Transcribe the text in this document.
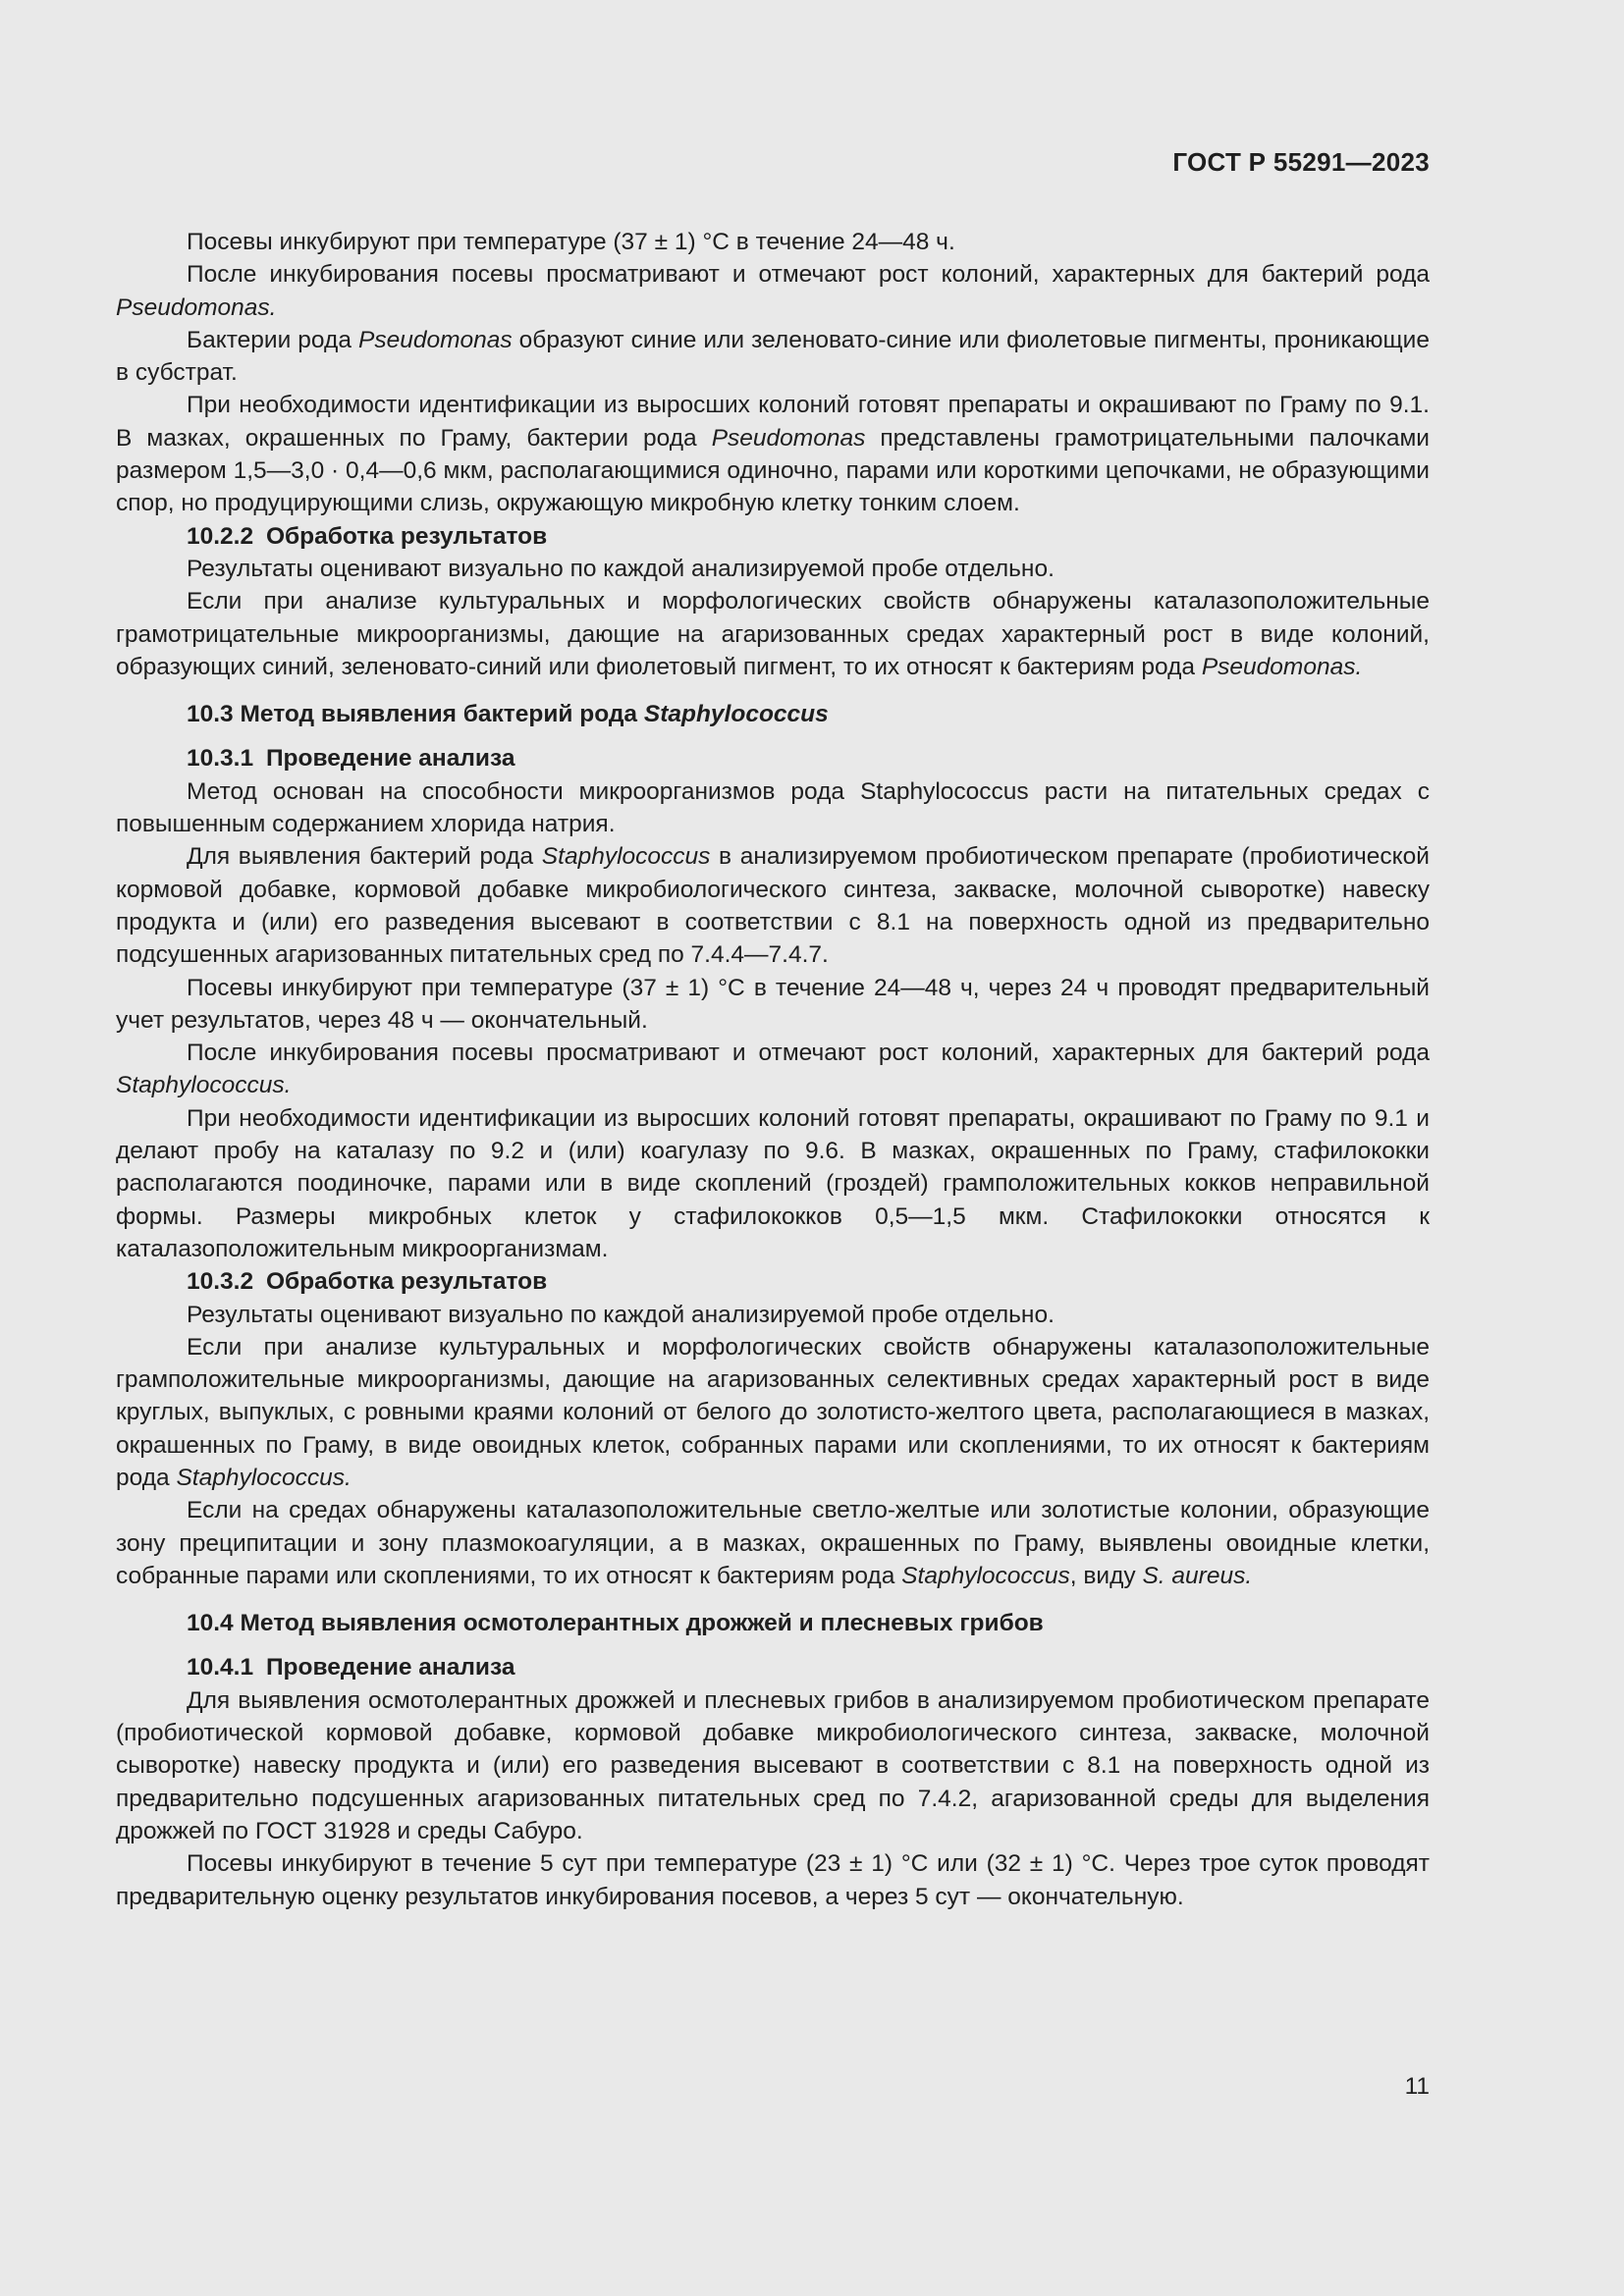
ГОСТ Р 55291—2023

Посевы инкубируют при температуре (37 ± 1) °С в течение 24—48 ч.

После инкубирования посевы просматривают и отмечают рост колоний, характерных для бактерий рода Pseudomonas.

Бактерии рода Pseudomonas образуют синие или зеленовато-синие или фиолетовые пигменты, проникающие в субстрат.

При необходимости идентификации из выросших колоний готовят препараты и окрашивают по Граму по 9.1. В мазках, окрашенных по Граму, бактерии рода Pseudomonas представлены грамотрицательными палочками размером 1,5—3,0 · 0,4—0,6 мкм, располагающимися одиночно, парами или короткими цепочками, не образующими спор, но продуцирующими слизь, окружающую микробную клетку тонким слоем.

10.2.2 Обработка результатов

Результаты оценивают визуально по каждой анализируемой пробе отдельно.

Если при анализе культуральных и морфологических свойств обнаружены каталазоположительные грамотрицательные микроорганизмы, дающие на агаризованных средах характерный рост в виде колоний, образующих синий, зеленовато-синий или фиолетовый пигмент, то их относят к бактериям рода Pseudomonas.

10.3 Метод выявления бактерий рода Staphylococcus
10.3.1 Проведение анализа

Метод основан на способности микроорганизмов рода Staphylococcus расти на питательных средах с повышенным содержанием хлорида натрия.

Для выявления бактерий рода Staphylococcus в анализируемом пробиотическом препарате (пробиотической кормовой добавке, кормовой добавке микробиологического синтеза, закваске, молочной сыворотке) навеску продукта и (или) его разведения высевают в соответствии с 8.1 на поверхность одной из предварительно подсушенных агаризованных питательных сред по 7.4.4—7.4.7.

Посевы инкубируют при температуре (37 ± 1) °С в течение 24—48 ч, через 24 ч проводят предварительный учет результатов, через 48 ч — окончательный.

После инкубирования посевы просматривают и отмечают рост колоний, характерных для бактерий рода Staphylococcus.

При необходимости идентификации из выросших колоний готовят препараты, окрашивают по Граму по 9.1 и делают пробу на каталазу по 9.2 и (или) коагулазу по 9.6. В мазках, окрашенных по Граму, стафилококки располагаются поодиночке, парами или в виде скоплений (гроздей) грамположительных кокков неправильной формы. Размеры микробных клеток у стафилококков 0,5—1,5 мкм. Стафилококки относятся к каталазоположительным микроорганизмам.

10.3.2 Обработка результатов

Результаты оценивают визуально по каждой анализируемой пробе отдельно.

Если при анализе культуральных и морфологических свойств обнаружены каталазоположительные грамположительные микроорганизмы, дающие на агаризованных селективных средах характерный рост в виде круглых, выпуклых, с ровными краями колоний от белого до золотисто-желтого цвета, располагающиеся в мазках, окрашенных по Граму, в виде овоидных клеток, собранных парами или скоплениями, то их относят к бактериям рода Staphylococcus.

Если на средах обнаружены каталазоположительные светло-желтые или золотистые колонии, образующие зону преципитации и зону плазмокоагуляции, а в мазках, окрашенных по Граму, выявлены овоидные клетки, собранные парами или скоплениями, то их относят к бактериям рода Staphylococcus, виду S. aureus.

10.4 Метод выявления осмотолерантных дрожжей и плесневых грибов
10.4.1 Проведение анализа

Для выявления осмотолерантных дрожжей и плесневых грибов в анализируемом пробиотическом препарате (пробиотической кормовой добавке, кормовой добавке микробиологического синтеза, закваске, молочной сыворотке) навеску продукта и (или) его разведения высевают в соответствии с 8.1 на поверхность одной из предварительно подсушенных агаризованных питательных сред по 7.4.2, агаризованной среды для выделения дрожжей по ГОСТ 31928 и среды Сабуро.

Посевы инкубируют в течение 5 сут при температуре (23 ± 1) °С или (32 ± 1) °С. Через трое суток проводят предварительную оценку результатов инкубирования посевов, а через 5 сут — окончательную.

11
